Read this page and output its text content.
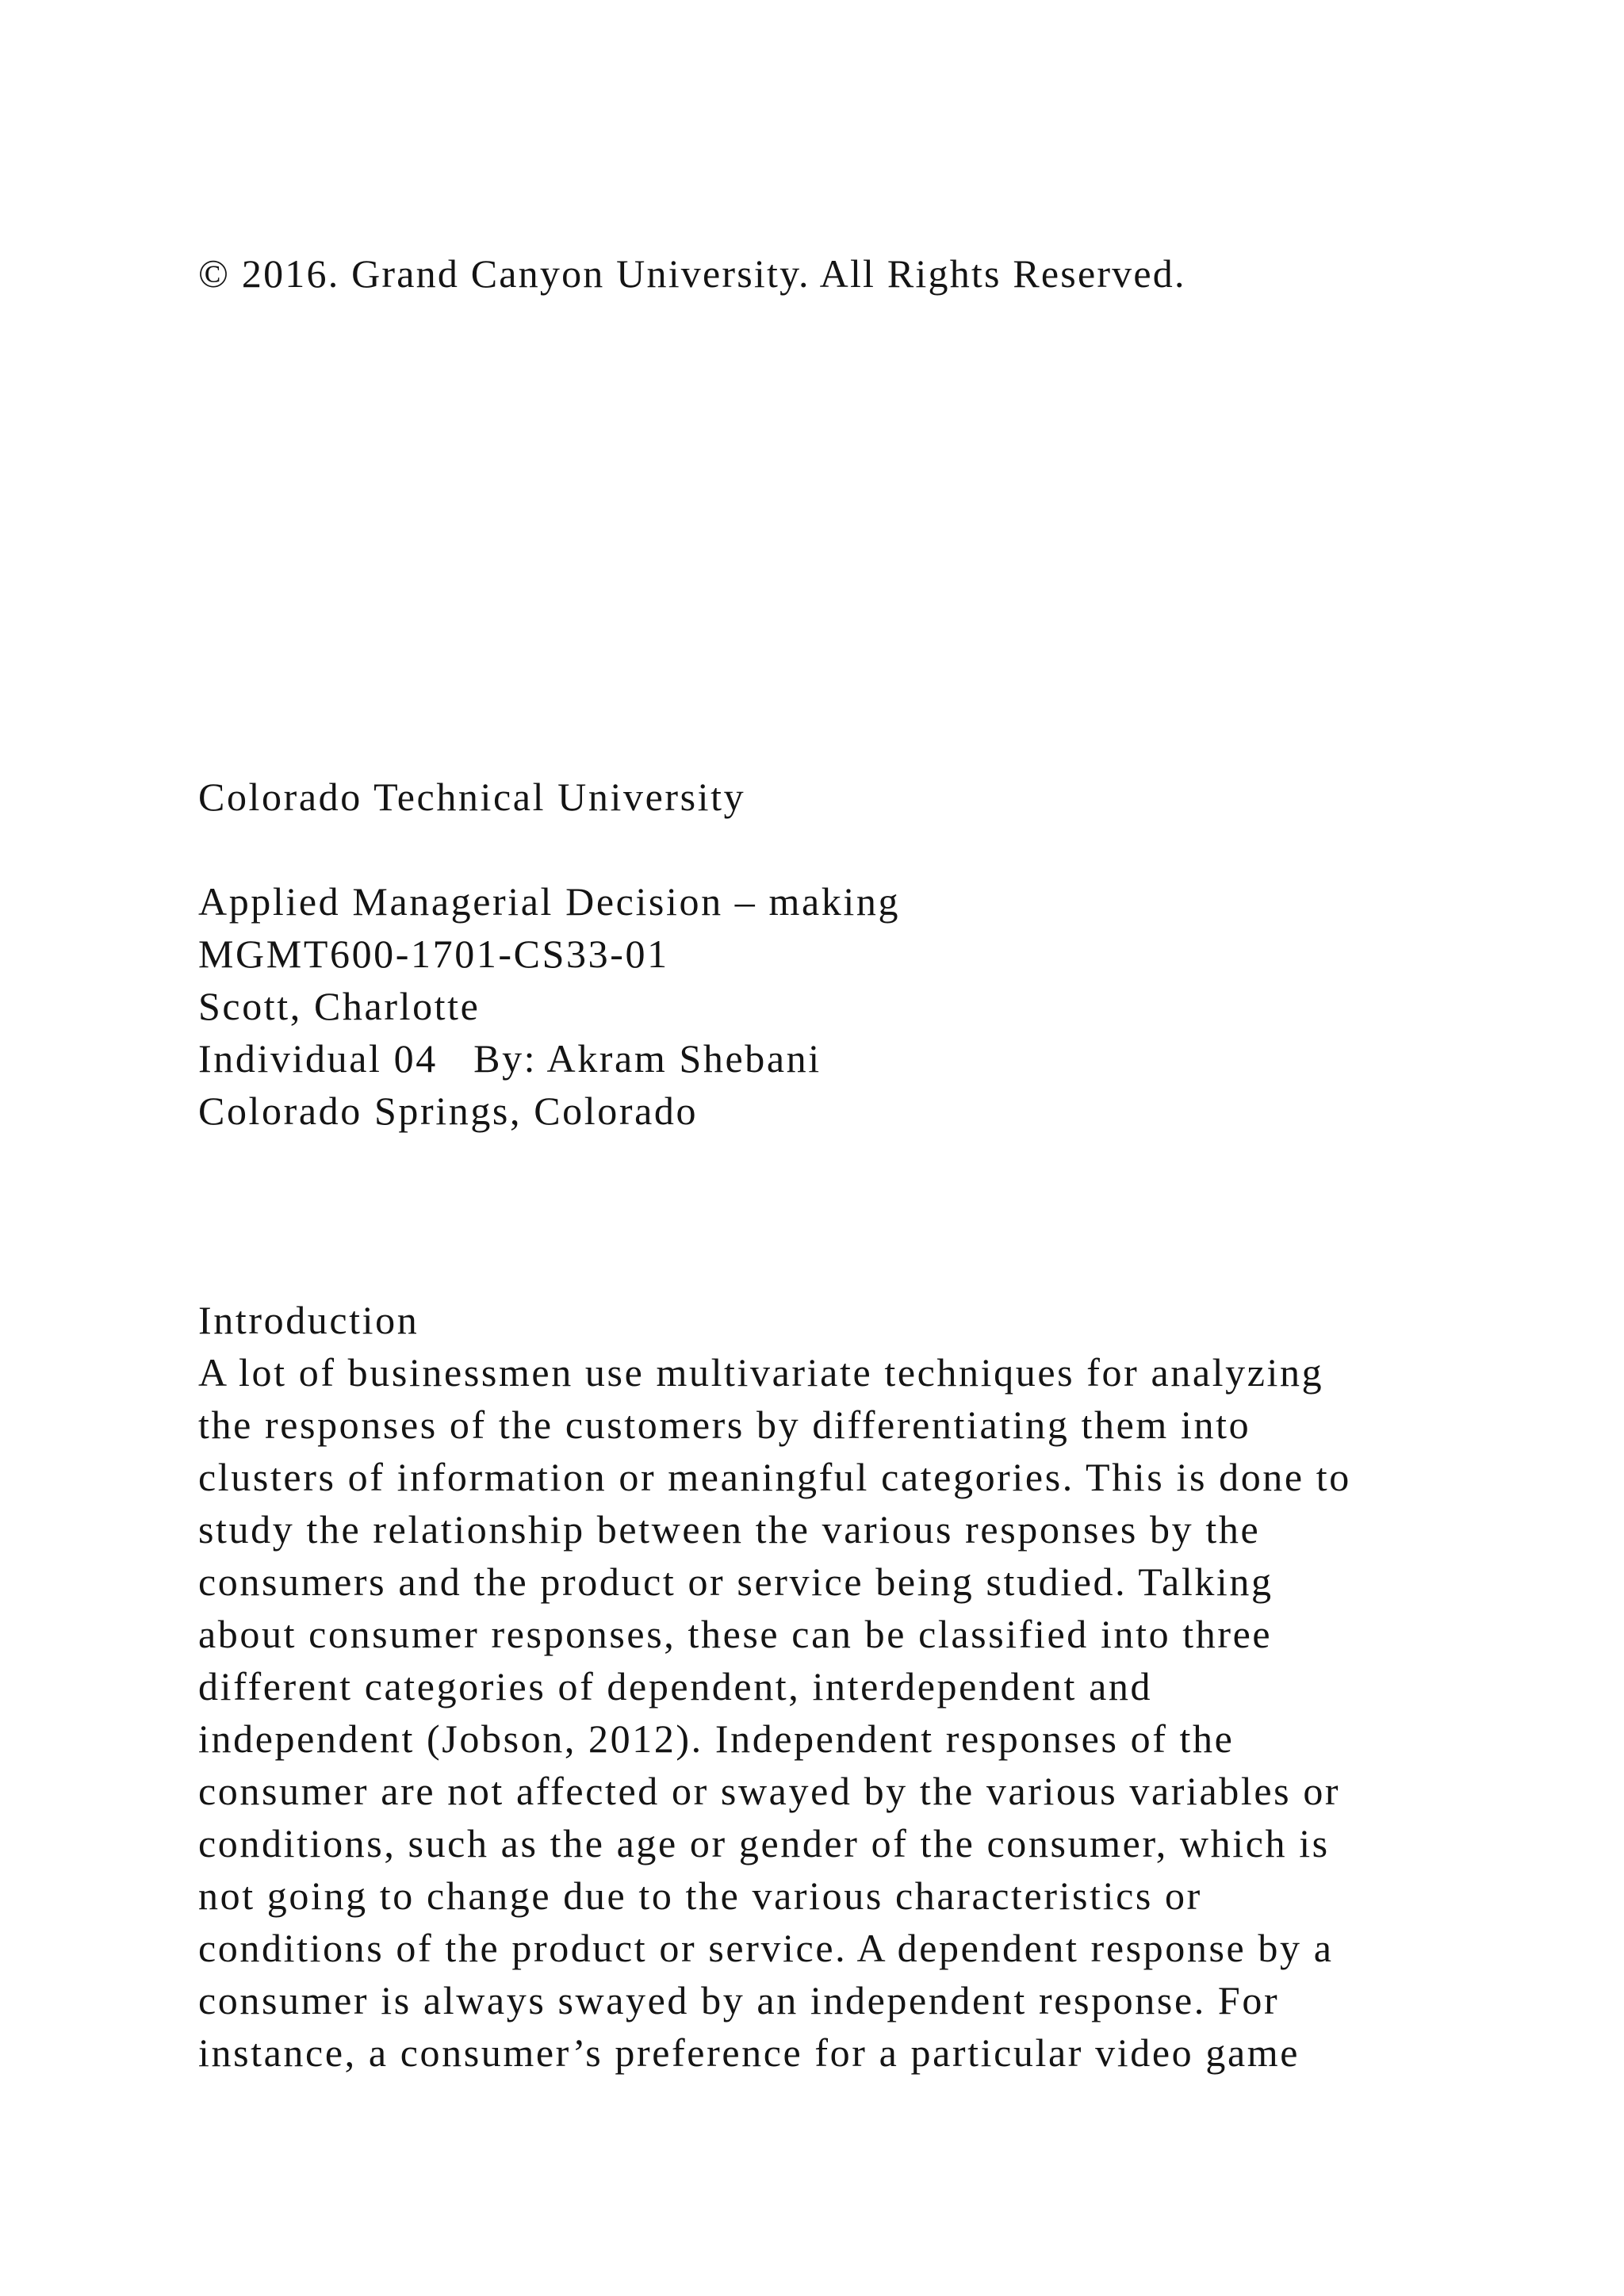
© 2016. Grand Canyon University. All Rights Reserved.
Colorado Technical University
Applied Managerial Decision – making
MGMT600-1701-CS33-01
Scott, Charlotte
Individual 04   By: Akram Shebani
Colorado Springs, Colorado
Introduction
A lot of businessmen use multivariate techniques for analyzing
the responses of the customers by differentiating them into
clusters of information or meaningful categories. This is done to
study the relationship between the various responses by the
consumers and the product or service being studied. Talking
about consumer responses, these can be classified into three
different categories of dependent, interdependent and
independent (Jobson, 2012). Independent responses of the
consumer are not affected or swayed by the various variables or
conditions, such as the age or gender of the consumer, which is
not going to change due to the various characteristics or
conditions of the product or service. A dependent response by a
consumer is always swayed by an independent response. For
instance, a consumer’s preference for a particular video game
